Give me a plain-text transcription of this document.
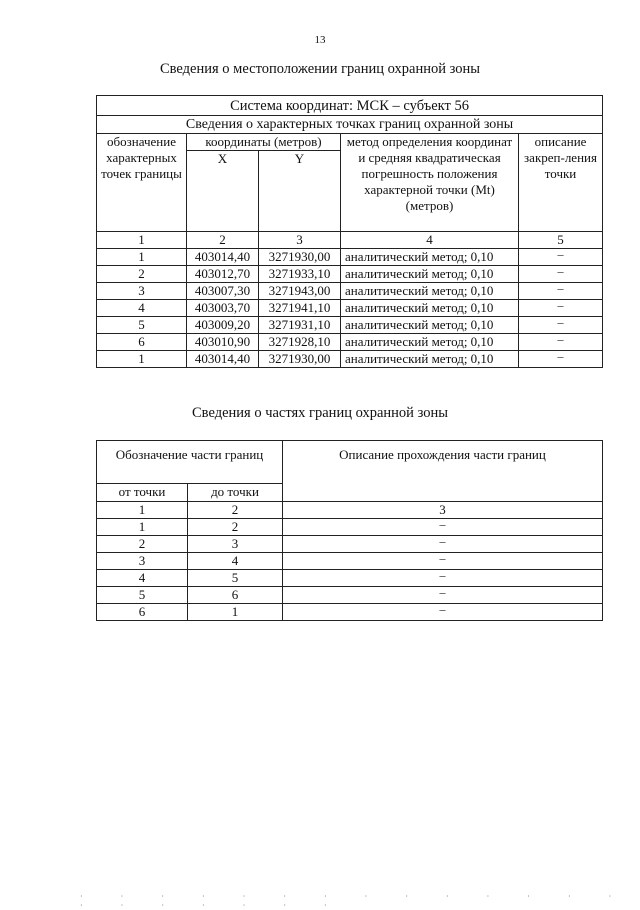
13
Сведения о местоположении границ охранной зоны
Система координат: МСК – субъект 56				
Сведения о характерных точках границ охранной зоны				
обозначение характерных точек границы	координаты (метров)		метод определения координат и средняя квадратическая погрешность положения характерной точки (Mt) (метров)	описание закреп-ления точки
	X	Y		
1	2	3	4	5
1	403014,40	3271930,00	аналитический метод; 0,10	–
2	403012,70	3271933,10	аналитический метод; 0,10	–
3	403007,30	3271943,00	аналитический метод; 0,10	–
4	403003,70	3271941,10	аналитический метод; 0,10	–
5	403009,20	3271931,10	аналитический метод; 0,10	–
6	403010,90	3271928,10	аналитический метод; 0,10	–
1	403014,40	3271930,00	аналитический метод; 0,10	–
Сведения о частях границ охранной зоны
Обозначение части границ		Описание прохождения части границ
от точки	до точки	
1	2	3
1	2	–
2	3	–
3	4	–
4	5	–
5	6	–
6	1	–
· · · · · · · · · · · · · · · · · · · · ·
